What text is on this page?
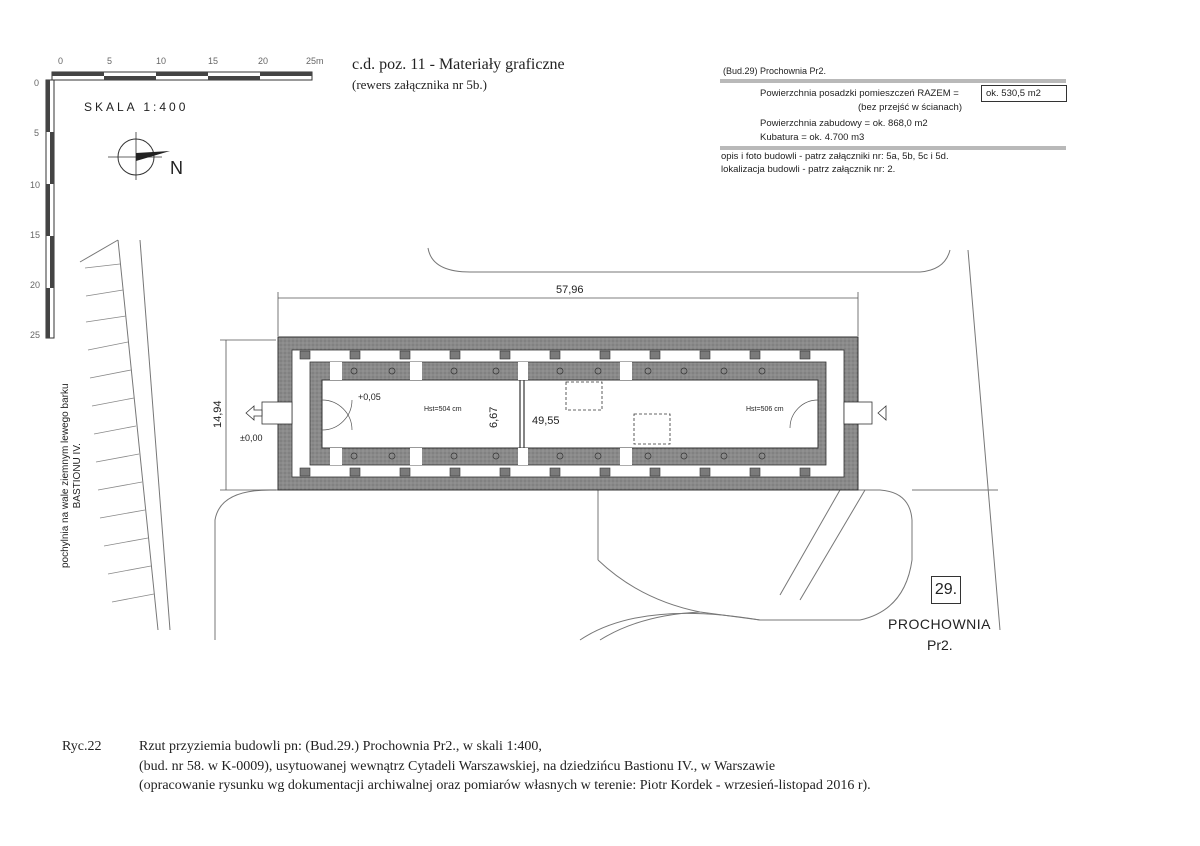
0	5	10	15	20	25m
0
5
10
15
20
25
57,96
14,94	6,67	49,55
Hst=504 cm	Hst=506 cm
+0,05
±0,00
c.d. poz. 11 - Materiały graficzne
(rewers załącznika nr 5b.)
(Bud.29) Prochownia Pr2.
Powierzchnia posadzki pomieszczeń RAZEM =	ok. 530,5 m2
(bez przejść w ścianach)
Powierzchnia zabudowy = ok. 868,0 m2
Kubatura = ok. 4.700 m3
opis i foto budowli - patrz załączniki nr: 5a, 5b, 5c i 5d.
lokalizacja budowli - patrz załącznik nr: 2.
SKALA 1:400
N
pochylnia na wale ziemnym lewego barku BASTIONU IV.
29.
PROCHOWNIA
Pr2.
Ryc.22	Rzut przyziemia budowli pn: (Bud.29.) Prochownia Pr2., w skali 1:400,
(bud. nr 58. w K-0009), usytuowanej wewnątrz Cytadeli Warszawskiej, na dziedzińcu Bastionu IV., w Warszawie
(opracowanie rysunku wg dokumentacji archiwalnej oraz pomiarów własnych w terenie: Piotr Kordek - wrzesień-listopad 2016 r).
